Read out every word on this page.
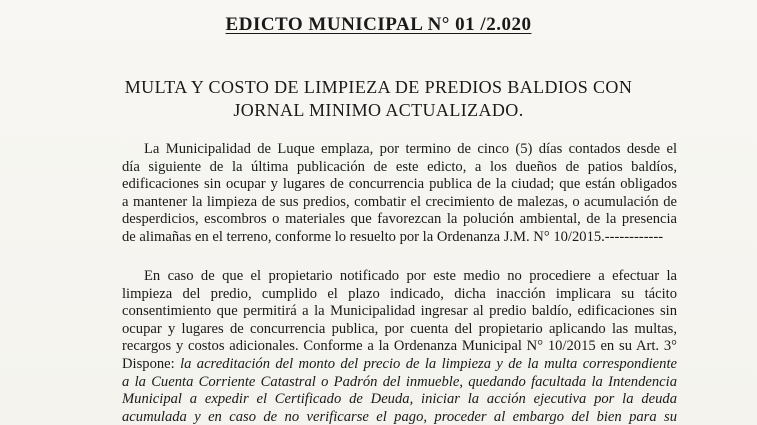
EDICTO MUNICIPAL N° 01 /2.020
MULTA Y COSTO DE LIMPIEZA DE PREDIOS BALDIOS CON
JORNAL MINIMO ACTUALIZADO.
La Municipalidad de Luque emplaza, por termino de cinco (5) días contados desde el
día siguiente de la última publicación de este edicto, a los dueños de patios baldíos,
edificaciones sin ocupar y lugares de concurrencia publica de la ciudad; que están obligados
a mantener la limpieza de sus predios, combatir el crecimiento de malezas, o acumulación de
desperdicios, escombros o materiales que favorezcan la polución ambiental, de la presencia
de alimañas en el terreno, conforme lo resuelto por la Ordenanza J.M. N° 10/2015.------------
En caso de que el propietario notificado por este medio no procediere a efectuar la
limpieza del predio, cumplido el plazo indicado, dicha inacción implicara su tácito
consentimiento que permitirá a la Municipalidad ingresar al predio baldío, edificaciones sin
ocupar y lugares de concurrencia publica, por cuenta del propietario aplicando las multas,
recargos y costos adicionales. Conforme a la Ordenanza Municipal N° 10/2015 en su Art. 3°
Dispone: la acreditación del monto del precio de la limpieza y de la multa correspondiente
a la Cuenta Corriente Catastral o Padrón del inmueble, quedando facultada la Intendencia
Municipal a expedir el Certificado de Deuda, iniciar la acción ejecutiva por la deuda
acumulada y en caso de no verificarse el pago, proceder al embargo del bien para su
